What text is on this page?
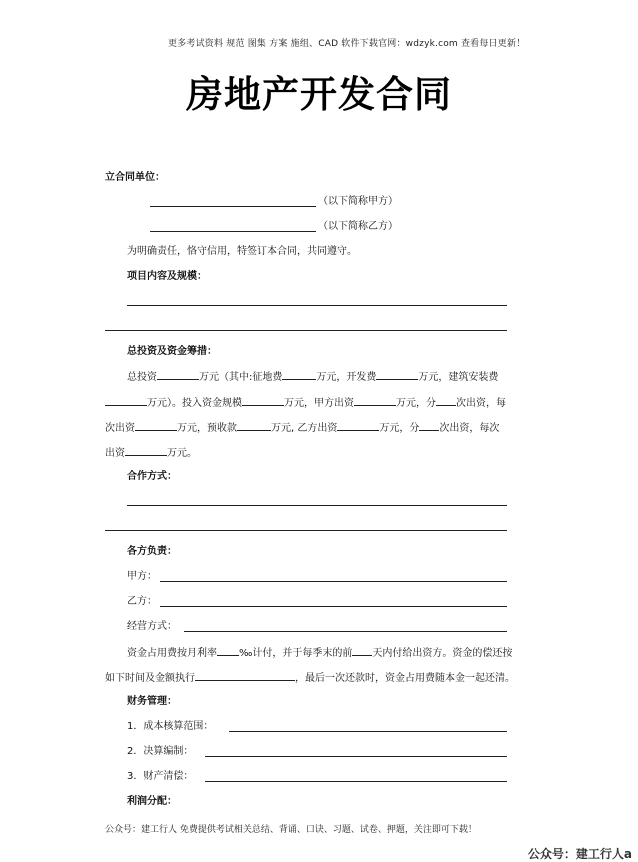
更多考试资料 规范 图集 方案 施组、CAD 软件下载官网：wdzyk.com 查看每日更新！
房地产开发合同
立合同单位：
（以下简称甲方）
（以下简称乙方）
为明确责任，恪守信用，特签订本合同，共同遵守。
项目内容及规模：
总投资及资金筹措：
总投资	万元（其中:征地费	万元，开发费	万元，建筑安装费
万元）。投入资金规模	万元，甲方出资	万元，分 次出资，每
次出资	万元，预收款	万元, 乙方出资	万元，分 次出资，每次
出资	万元。
合作方式：
各方负责：
甲方：
乙方：
经营方式：
资金占用费按月利率 ‰计付，并于每季末的前 天内付给出资方。资金的偿还按
如下时间及金额执行	，最后一次还款时，资金占用费随本金一起还清。
财务管理：
1．成本核算范围：
2．决算编制：
3．财产清偿：
利润分配：
公众号：建工行人 免费提供考试相关总结、背诵、口诀、习题、试卷、押题，关注即可下载！
公众号：建工行人a
